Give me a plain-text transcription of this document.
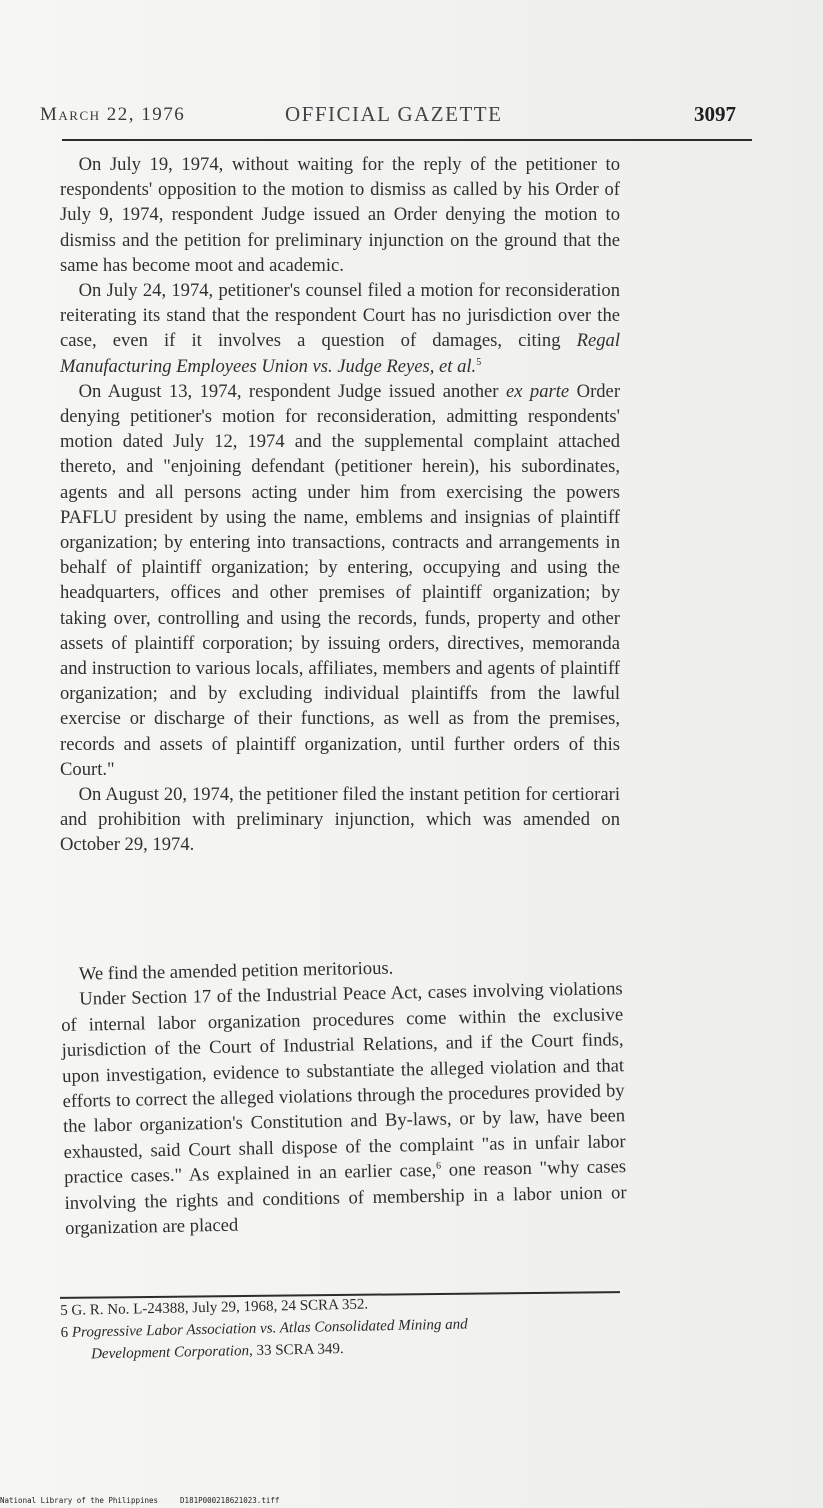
March 22, 1976	OFFICIAL GAZETTE	3097

 On July 19, 1974, without waiting for the reply of the petitioner to respondents' opposition to the motion to dismiss as called by his Order of July 9, 1974, respondent Judge issued an Order denying the motion to dismiss and the petition for preliminary injunction on the ground that the same has become moot and academic.

 On July 24, 1974, petitioner's counsel filed a motion for reconsideration reiterating its stand that the respondent Court has no jurisdiction over the case, even if it involves a question of damages, citing Regal Manufacturing Employees Union vs. Judge Reyes, et al.$^5$

 On August 13, 1974, respondent Judge issued another ex parte Order denying petitioner's motion for reconsideration, admitting respondents' motion dated July 12, 1974 and the supplemental complaint attached thereto, and "enjoining defendant (petitioner herein), his subordinates, agents and all persons acting under him from exercising the powers PAFLU president by using the name, emblems and insignias of plaintiff organization; by entering into transactions, contracts and arrangements in behalf of plaintiff organization; by entering, occupying and using the headquarters, offices and other premises of plaintiff organization; by taking over, controlling and using the records, funds, property and other assets of plaintiff corporation; by issuing orders, directives, memoranda and instruction to various locals, affiliates, members and agents of plaintiff organization; and by excluding individual plaintiffs from the lawful exercise or discharge of their functions, as well as from the premises, records and assets of plaintiff organization, until further orders of this Court."

 On August 20, 1974, the petitioner filed the instant petition for certiorari and prohibition with preliminary injunction, which was amended on October 29, 1974.

 We find the amended petition meritorious.

 Under Section 17 of the Industrial Peace Act, cases involving violations of internal labor organization procedures come within the exclusive jurisdiction of the Court of Industrial Relations, and if the Court finds, upon investigation, evidence to substantiate the alleged violation and that efforts to correct the alleged violations through the procedures provided by the labor organization's Constitution and By-laws, or by law, have been exhausted, said Court shall dispose of the complaint "as in unfair labor practice cases." As explained in an earlier case,$^6$ one reason "why cases involving the rights and conditions of membership in a labor union or organization are placed

5 G. R. No. L-24388, July 29, 1968, 24 SCRA 352.

6 Progressive Labor Association vs. Atlas Consolidated Mining and

Development Corporation, 33 SCRA 349.

National Library of the Philippines	D181P000218621023.tiff
